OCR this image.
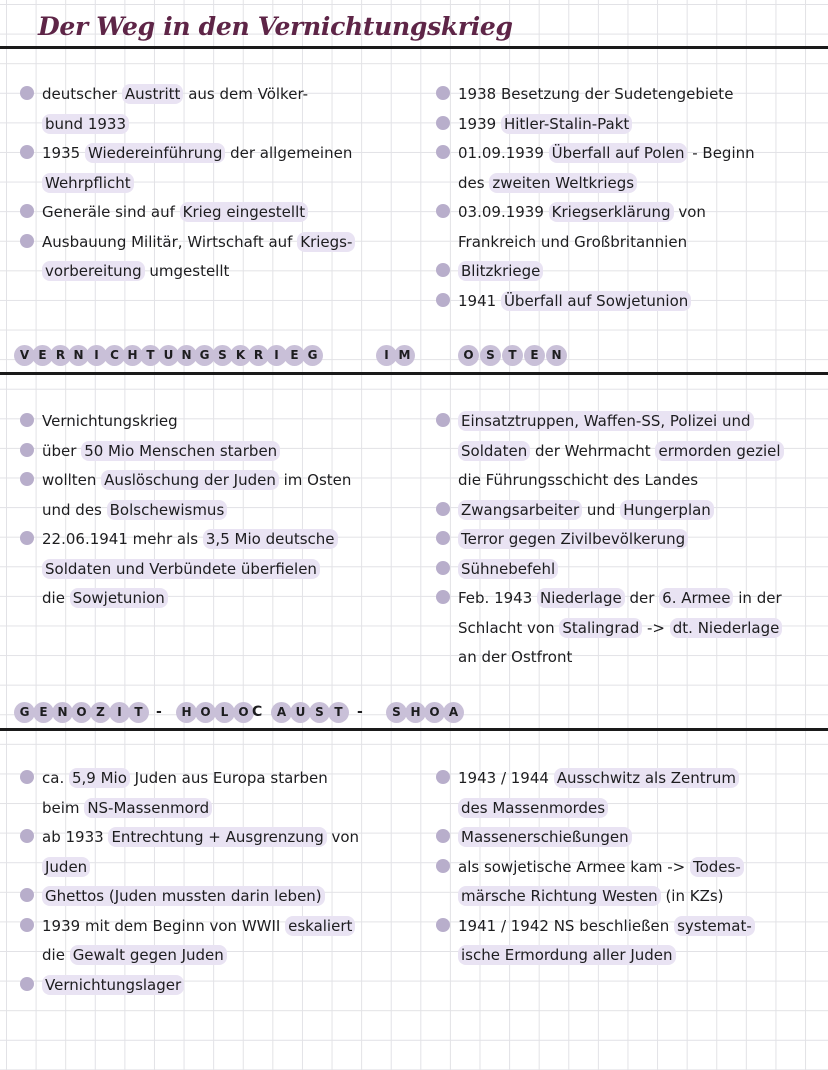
Der Weg in den Vernichtungskrieg
deutscher Austritt aus dem Völker-
bund 1933
1935 Wiedereinführung der allgemeinen
Wehrpflicht
Generäle sind auf Krieg eingestellt
Ausbauung Militär, Wirtschaft auf Kriegs-
vorbereitung umgestellt
1938 Besetzung der Sudetengebiete
1939 Hitler-Stalin-Pakt
01.09.1939 Überfall auf Polen - Beginn
des zweiten Weltkriegs
03.09.1939 Kriegserklärung von
Frankreich und Großbritannien
Blitzkriege
1941 Überfall auf Sowjetunion
V E R N I C H T U N G S K R I E G	I M	O	S	T	E	N
Vernichtungskrieg
über 50 Mio Menschen starben
wollten Auslöschung der Juden im Osten
und des Bolschewismus
22.06.1941 mehr als 3,5 Mio deutsche
Soldaten und Verbündete überfielen
die Sowjetunion
Einsatztruppen, Waffen-SS, Polizei und
Soldaten der Wehrmacht ermorden geziel
die Führungsschicht des Landes
Zwangsarbeiter und Hungerplan
Terror gegen Zivilbevölkerung
Sühnebefehl
Feb. 1943 Niederlage der 6. Armee in der
Schlacht von Stalingrad -> dt. Niederlage
an der Ostfront
G E N O Z	I	T -	H O L O C	A U S T	-	S H O A
ca. 5,9 Mio Juden aus Europa starben
beim NS-Massenmord
ab 1933 Entrechtung + Ausgrenzung von
Juden
Ghettos (Juden mussten darin leben)
1939 mit dem Beginn von WWII eskaliert
die Gewalt gegen Juden
Vernichtungslager
1943 / 1944 Ausschwitz als Zentrum
des Massenmordes
Massenerschießungen
als sowjetische Armee kam -> Todes-
märsche Richtung Westen (in KZs)
1941 / 1942 NS beschließen systemat-
ische Ermordung aller Juden
